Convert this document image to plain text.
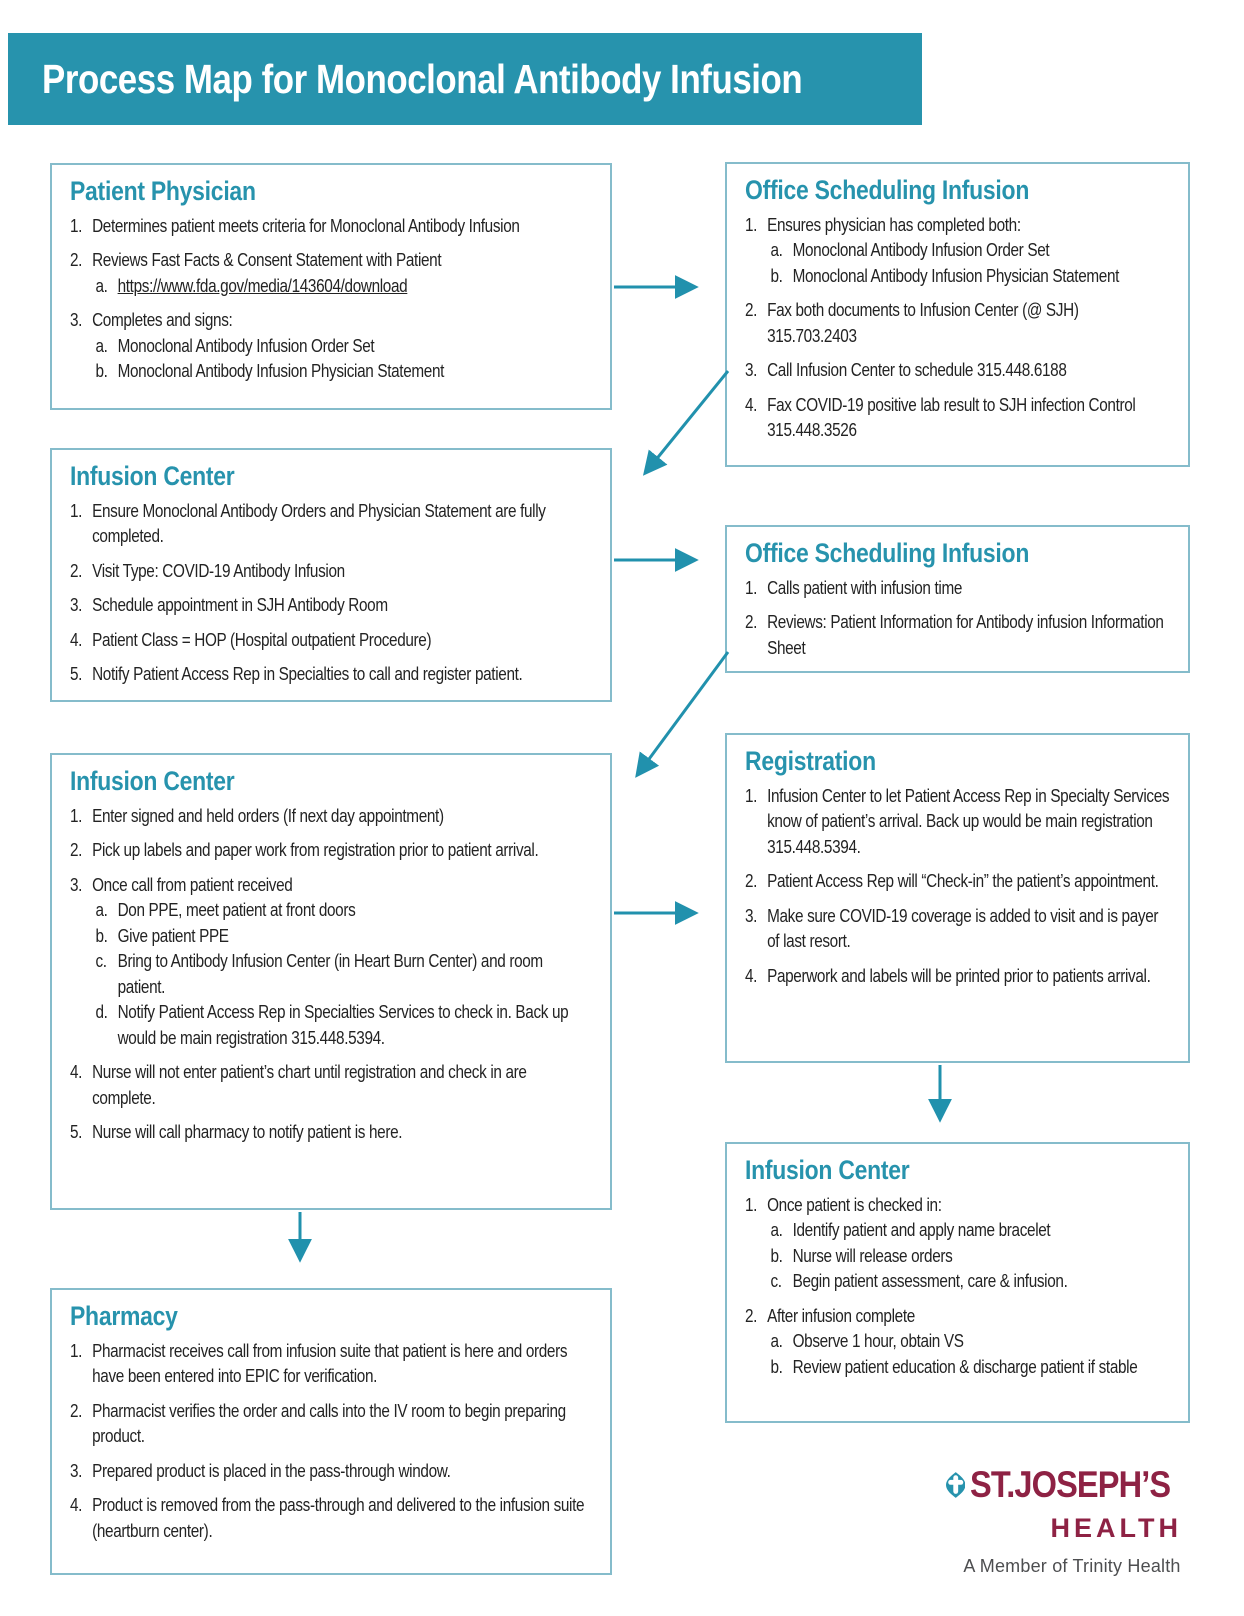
Process Map for Monoclonal Antibody Infusion
Patient Physician
1. Determines patient meets criteria for Monoclonal Antibody Infusion
2. Reviews Fast Facts & Consent Statement with Patient
a. https://www.fda.gov/media/143604/download
3. Completes and signs:
a. Monoclonal Antibody Infusion Order Set
b. Monoclonal Antibody Infusion Physician Statement
Infusion Center
1. Ensure Monoclonal Antibody Orders and Physician Statement are fully completed.
2. Visit Type: COVID-19 Antibody Infusion
3. Schedule appointment in SJH Antibody Room
4. Patient Class = HOP (Hospital outpatient Procedure)
5. Notify Patient Access Rep in Specialties to call and register patient.
Infusion Center
1. Enter signed and held orders (If next day appointment)
2. Pick up labels and paper work from registration prior to patient arrival.
3. Once call from patient received
a. Don PPE, meet patient at front doors
b. Give patient PPE
c. Bring to Antibody Infusion Center (in Heart Burn Center) and room patient.
d. Notify Patient Access Rep in Specialties Services to check in. Back up would be main registration 315.448.5394.
4. Nurse will not enter patient’s chart until registration and check in are complete.
5. Nurse will call pharmacy to notify patient is here.
Pharmacy
1. Pharmacist receives call from infusion suite that patient is here and orders have been entered into EPIC for verification.
2. Pharmacist verifies the order and calls into the IV room to begin preparing product.
3. Prepared product is placed in the pass-through window.
4. Product is removed from the pass-through and delivered to the infusion suite (heartburn center).
Office Scheduling Infusion
1. Ensures physician has completed both:
a. Monoclonal Antibody Infusion Order Set
b. Monoclonal Antibody Infusion Physician Statement
2. Fax both documents to Infusion Center (@ SJH)
315.703.2403
3. Call Infusion Center to schedule 315.448.6188
4. Fax COVID-19 positive lab result to SJH infection Control
315.448.3526
Office Scheduling Infusion
1. Calls patient with infusion time
2. Reviews: Patient Information for Antibody infusion Information Sheet
Registration
1. Infusion Center to let Patient Access Rep in Specialty Services know of patient’s arrival. Back up would be main registration 315.448.5394.
2. Patient Access Rep will “Check-in” the patient’s appointment.
3. Make sure COVID-19 coverage is added to visit and is payer of last resort.
4. Paperwork and labels will be printed prior to patients arrival.
Infusion Center
1. Once patient is checked in:
a. Identify patient and apply name bracelet
b. Nurse will release orders
c. Begin patient assessment, care & infusion.
2. After infusion complete
a. Observe 1 hour, obtain VS
b. Review patient education & discharge patient if stable
ST.JOSEPH’S
HEALTH
A Member of Trinity Health
